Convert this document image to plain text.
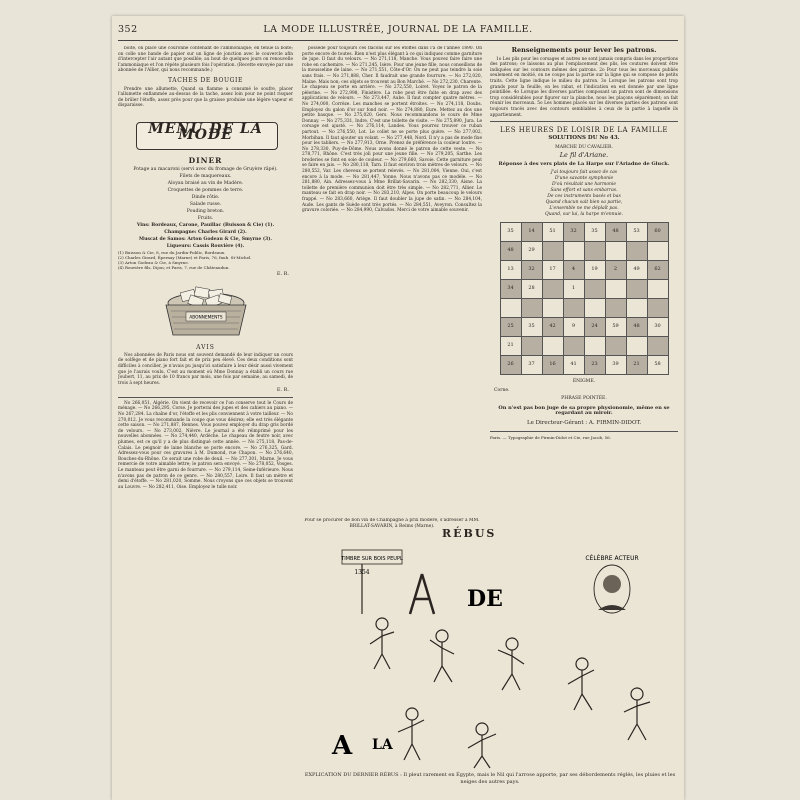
352	LA MODE ILLUSTRÉE, JOURNAL DE LA FAMILLE.

boîte, on place une couronne contenant de l'ammoniaque; en tenue la boîte; on colle une bande de papier sur un ligne de jonction avec le couvercle afin d'intercepter l'air autant que possible; au bout de quelques jours on renouvelle l'ammoniaque et l'on répète plusieurs fois l'opération. (Recette envoyée par une abonnée de l'Allier, qui nous recommande.)

TACHES DE BOUGIE

Prendre une allumette, Quand sa flamme a consumé le soufre, placer l'allumette enflammée au-dessus de la tache, assez loin pour ne point risquer de brûler l'étoffe, assez près pour que la graisse produise une légère vapeur et disparaisse.

MENU DE LA MODE
DINER
Potage au macaroni (servi avec du fromage de Gruyère râpé).
Filets de maquereaux.
Aloyau braisé au vin de Madère.
Croquettes de pommes de terre.
Dinde rôtie.
Salade russe.
Pouding breton.
Fruits.
Vins: Bordeaux, Carone, Pauillac (Buisson & Cie) (1).
Champagne: Charles Girard (2).
Muscat de Samos: Arton Godeau & Cie, Smyrne (3).
Liqueurs: Cassis Rouvière (4).
(1) Buisson & Cie, 8, rue du Jardin-Public, Bordeaux.
(2) Charles Girard, Épernay (Marne) et Paris, 76, faub. St-Michel.
(3) Arton Godeau & Cie, à Smyrne.
(4) Rouvière fils, Dijon; et Paris, 7, rue de Châteaudun.
E. R.
ABONNEMENTS
AVIS

Nos abonnées de Paris nous ont souvent demandé de leur indiquer un cours de solfège et de piano fort fait et de prix peu élevé. Ces deux conditions sont difficiles à concilier, je n'avais pu jusqu'ici satisfaire à leur désir aussi vivement que je l'aurais voulu. C'est au moment où Mme Donnay a établi un cours rue Joubert, 11, au prix de 10 francs par mois, une fois par semaine, au samedi, de trois à sept heures.

E. R.

No 266,051, Algérie. On vient de recevoir ce l'on conserve tout le Cours de ménage. — No 266,295, Corse. Je porterai des jupes et des cahiers au piano. — No 267,284. La chaîne d'or, l'étoffe et les plis conviennent à votre tailleur. — No 270,012. Je vous recommande la coupe que vous désirez; elle est très élégante cette saison. — No 271,887, Rennes. Vous pouvez employer du drap gris bordé de velours. — No 273,002, Nièvre. Le journal a été réimprimé pour les nouvelles abonnées. — No 274,440, Ardèche. Le chapeau de feutre noir, avec plumes, est ce qu'il y a de plus distingué cette année. — No 275,118, Pas-de-Calais. Le peignoir de laine blanche se porte encore. — No 276,325, Gard. Adressez-vous pour ces gravures à M. Dumond, rue Chapon. — No 276,640, Bouches-du-Rhône. Ce serait une robe de deuil. — No 277,301, Marne. Je vous remercie de votre aimable lettre; le patron sera envoyé. — No 278,052, Vosges. Le manteau peut être garni de fourrure. — No 279,114, Seine-Inférieure. Nous n'avons pas de patron de ce genre. — No 280,557, Loire. Il faut un mètre et demi d'étoffe. — No 281,020, Somme. Nous croyons que ces objets se trouvent au Louvre. — No 282,411, Oise. Employez le tulle noir.

possède pour toujours ces flacons sur les étoffes dans l'a de l'année 1890. On porte encore de toutes. Rien n'est plus élégant à ce qui indiquez comme garniture de jupe. Il faut du velours. — No 271,118, Manche. Vous pouvez faire faire une robe en cachemire. — No 271,245, Isère. Pour une jeune fille, nous conseillons de la mousseline de laine. — No 271,551, Côte-d'Or. On ne peut pas teindre la soie sans frais. — No 271,888, Cher. Il faudrait une grande fourrure. — No 272,020, Maine. Mais non; ces objets se trouvent au Bon Marché. — No 272,230, Charente. Le chapeau se porte en arrière. — No 272,550, Loiret. Voyez le patron de la pèlerine. — No 272,998, Finistère. La robe peut être faite en drap avec des applications de velours. — No 273,447, Aube. Il faut compter quatre mètres. — No 274,000, Corrèze. Les manches se portent étroites. — No 274,118, Doubs. Employez du galon d'or sur fond noir. — No 274,880, Eure. Mettez au dos une petite basque. — No 275,020, Gers. Nous recommandons le cours de Mme Donnay. — No 275,331, Indre. C'est une toilette de visite. — No 275,890, Jura. Le corsage est ajusté. — No 276,114, Landes. Vous pourrez trouver ce ruban partout. — No 276,550, Lot. Le collet ne se porte plus guère. — No 277,002, Morbihan. Il faut ajouter un volant. — No 277,448, Nord. Il n'y a pas de mode fixe pour les tabliers. — No 277,913, Orne. Prenez de préférence la couleur loutre. — No 278,330, Puy-de-Dôme. Nous avons donné le patron de cette veste. — No 278,771, Rhône. C'est très joli pour une jeune fille. — No 279,205, Sarthe. Les broderies se font en soie de couleur. — No 279,660, Savoie. Cette garniture peut se faire en jais. — No 280,118, Tarn. Il faut environ trois mètres de velours. — No 280,552, Var. Les cheveux se portent relevés. — No 281,004, Vienne. Oui, c'est encore à la mode. — No 281,447, Yonne. Nous n'avons pas ce modèle. — No 281,880, Ain. Adressez-vous à Mme Brillat-Savarin. — No 282,330, Aisne. La toilette de première communion doit être très simple. — No 282,771, Allier. Le manteau se fait en drap noir. — No 283,210, Alpes. On porte beaucoup le velours frappé. — No 283,660, Ariège. Il faut doubler la jupe de satin. — No 284,104, Aude. Les gants de Suède sont très portés. — No 284,551, Aveyron. Consultez la gravure coloriée. — No 284,990, Calvados. Merci de votre aimable souvenir.

Pour se procurer de bon vin de Champagne à prix modéré, s'adresser à MM. BRILLAT-SAVARIN, à Reims (Marne).
Renseignements pour lever les patrons.

1o Les plis pour les corsages et autres ne sont jamais compris dans les proportions des patrons; ce laissons au plus l'emplacement des plis, les coutures doivent être indiquées sur les contours mêmes des patrons. 2o Pour tous les morceaux publiés seulement en moitié, on ne coupe pas la partie sur la ligne qui se compose de petits traits. Cette ligne indique le milieu du patron. 3o Lorsque les patrons sont trop grands pour la feuille, on les rabat, et l'indication en est donnée par une ligne pointillée. 4o Lorsque les diverses parties composant un patron sont de dimensions trop considérables pour figurer sur la planche, nous les plaçons séparément; on fait réunir les morceaux. 5o Les hommes placés sur les diverses parties des patrons sont toujours tracés avec des contours semblables à ceux de la partie à laquelle ils appartiennent.

LES HEURES DE LOISIR DE LA FAMILLE
SOLUTIONS DU No 43.
MARCHE DU CAVALIER.
Le fil d'Ariane.
Réponse à des vers plats de La Harpe sur l'Ariadne de Gluck.
J'ai toujours fait assez de cas
D'une savante symphonie
D'où résultait une harmonie
Sans effort et sans embarras.
De ces instruments basés et bas
Quand chacun sait bien sa partie,
L'ensemble ne me déplaît pas.
Quand, sur lui, la harpe m'ennuie.
35	14	51	32	35	48	53	60
48	29						
13	32	17	4	19	2	49	62
34	28		1				

25	35	42	9	24	59	48	30
21							
26	37	16	41	23	39	21	58
ÉNIGME.
Corne.
PHRASE POINTÉE.
On n'est pas bon juge de sa propre physionomie, même en se regardant au miroir.
Le Directeur-Gérant : A. FIRMIN-DIDOT.
Paris. — Typographie de Firmin-Didot et Cie, rue Jacob, 56.
RÉBUS
TIMBRE SUR BOIS PEUPL
1354
DE
A LA
CÉLÈBRE ACTEUR
EXPLICATION DU DERNIER RÉBUS : Il pleut rarement en Égypte, mais le Nil qui l'arrose apporte, par ses débordements réglés, les pluies et les neiges des autres pays.
